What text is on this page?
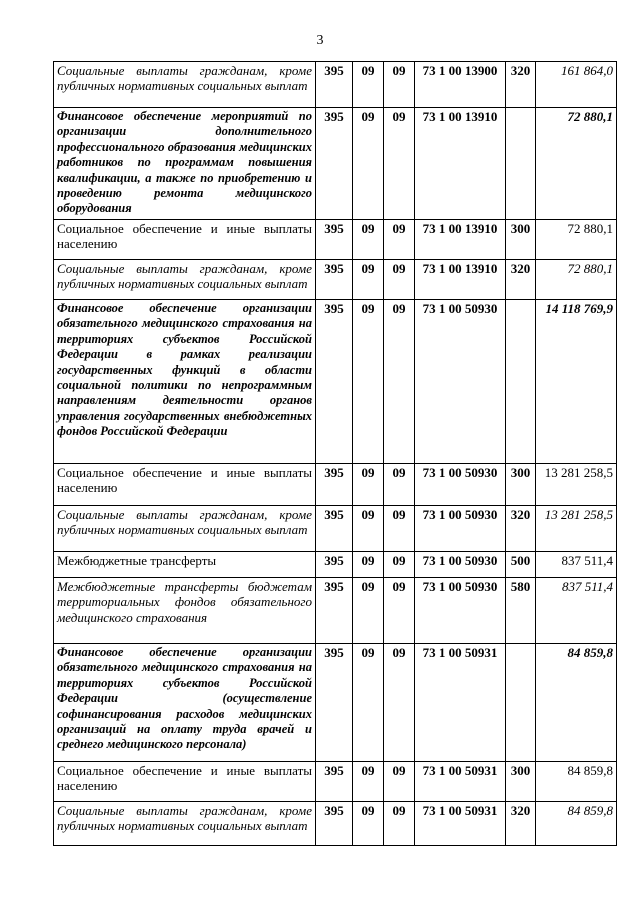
3
Социальные выплаты гражданам, кроме публичных нормативных социальных выплат	395	09	09	73 1 00 13900	320	161 864,0
Финансовое обеспечение мероприятий по организации дополнительного профессионального образования медицинских работников по программам повышения квалификации, а также по приобретению и проведению ремонта медицинского оборудования	395	09	09	73 1 00 13910		72 880,1
Социальное обеспечение и иные выплаты населению	395	09	09	73 1 00 13910	300	72 880,1
Социальные выплаты гражданам, кроме публичных нормативных социальных выплат	395	09	09	73 1 00 13910	320	72 880,1
Финансовое обеспечение организации обязательного медицинского страхования на территориях субъектов Российской Федерации в рамках реализации государственных функций в области социальной политики по непрограммным направлениям деятельности органов управления государственных внебюджетных фондов Российской Федерации	395	09	09	73 1 00 50930		14 118 769,9
Социальное обеспечение и иные выплаты населению	395	09	09	73 1 00 50930	300	13 281 258,5
Социальные выплаты гражданам, кроме публичных нормативных социальных выплат	395	09	09	73 1 00 50930	320	13 281 258,5
Межбюджетные трансферты	395	09	09	73 1 00 50930	500	837 511,4
Межбюджетные трансферты бюджетам территориальных фондов обязательного медицинского страхования	395	09	09	73 1 00 50930	580	837 511,4
Финансовое обеспечение организации обязательного медицинского страхования на территориях субъектов Российской Федерации (осуществление софинансирования расходов медицинских организаций на оплату труда врачей и среднего медицинского персонала)	395	09	09	73 1 00 50931		84 859,8
Социальное обеспечение и иные выплаты населению	395	09	09	73 1 00 50931	300	84 859,8
Социальные выплаты гражданам, кроме публичных нормативных социальных выплат	395	09	09	73 1 00 50931	320	84 859,8
